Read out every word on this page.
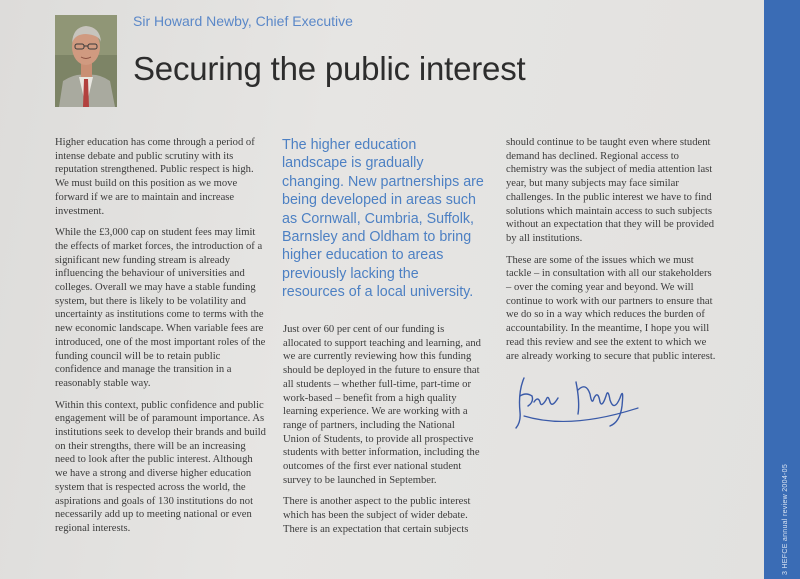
Sir Howard Newby, Chief Executive
Securing the public interest

Higher education has come through a period of intense debate and public scrutiny with its reputation strengthened. Public respect is high. We must build on this position as we move forward if we are to maintain and increase investment.

While the £3,000 cap on student fees may limit the effects of market forces, the introduction of a significant new funding stream is already influencing the behaviour of universities and colleges. Overall we may have a stable funding system, but there is likely to be volatility and uncertainty as institutions come to terms with the new economic landscape. When variable fees are introduced, one of the most important roles of the funding council will be to retain public confidence and manage the transition in a reasonably stable way.

Within this context, public confidence and public engagement will be of paramount importance. As institutions seek to develop their brands and build on their strengths, there will be an increasing need to look after the public interest. Although we have a strong and diverse higher education system that is respected across the world, the aspirations and goals of 130 institutions do not necessarily add up to meeting national or even regional interests.

The higher education landscape is gradually changing. New partnerships are being developed in areas such as Cornwall, Cumbria, Suffolk, Barnsley and Oldham to bring higher education to areas previously lacking the resources of a local university.

Just over 60 per cent of our funding is allocated to support teaching and learning, and we are currently reviewing how this funding should be deployed in the future to ensure that all students – whether full-time, part-time or work-based – benefit from a high quality learning experience. We are working with a range of partners, including the National Union of Students, to provide all prospective students with better information, including the outcomes of the first ever national student survey to be launched in September.

There is another aspect to the public interest which has been the subject of wider debate. There is an expectation that certain subjects

should continue to be taught even where student demand has declined. Regional access to chemistry was the subject of media attention last year, but many subjects may face similar challenges. In the public interest we have to find solutions which maintain access to such subjects without an expectation that they will be provided by all institutions.

These are some of the issues which we must tackle – in consultation with all our stakeholders – over the coming year and beyond. We will continue to work with our partners to ensure that we do so in a way which reduces the burden of accountability. In the meantime, I hope you will read this review and see the extent to which we are already working to secure that public interest.

3 HEFCE annual review 2004-05
